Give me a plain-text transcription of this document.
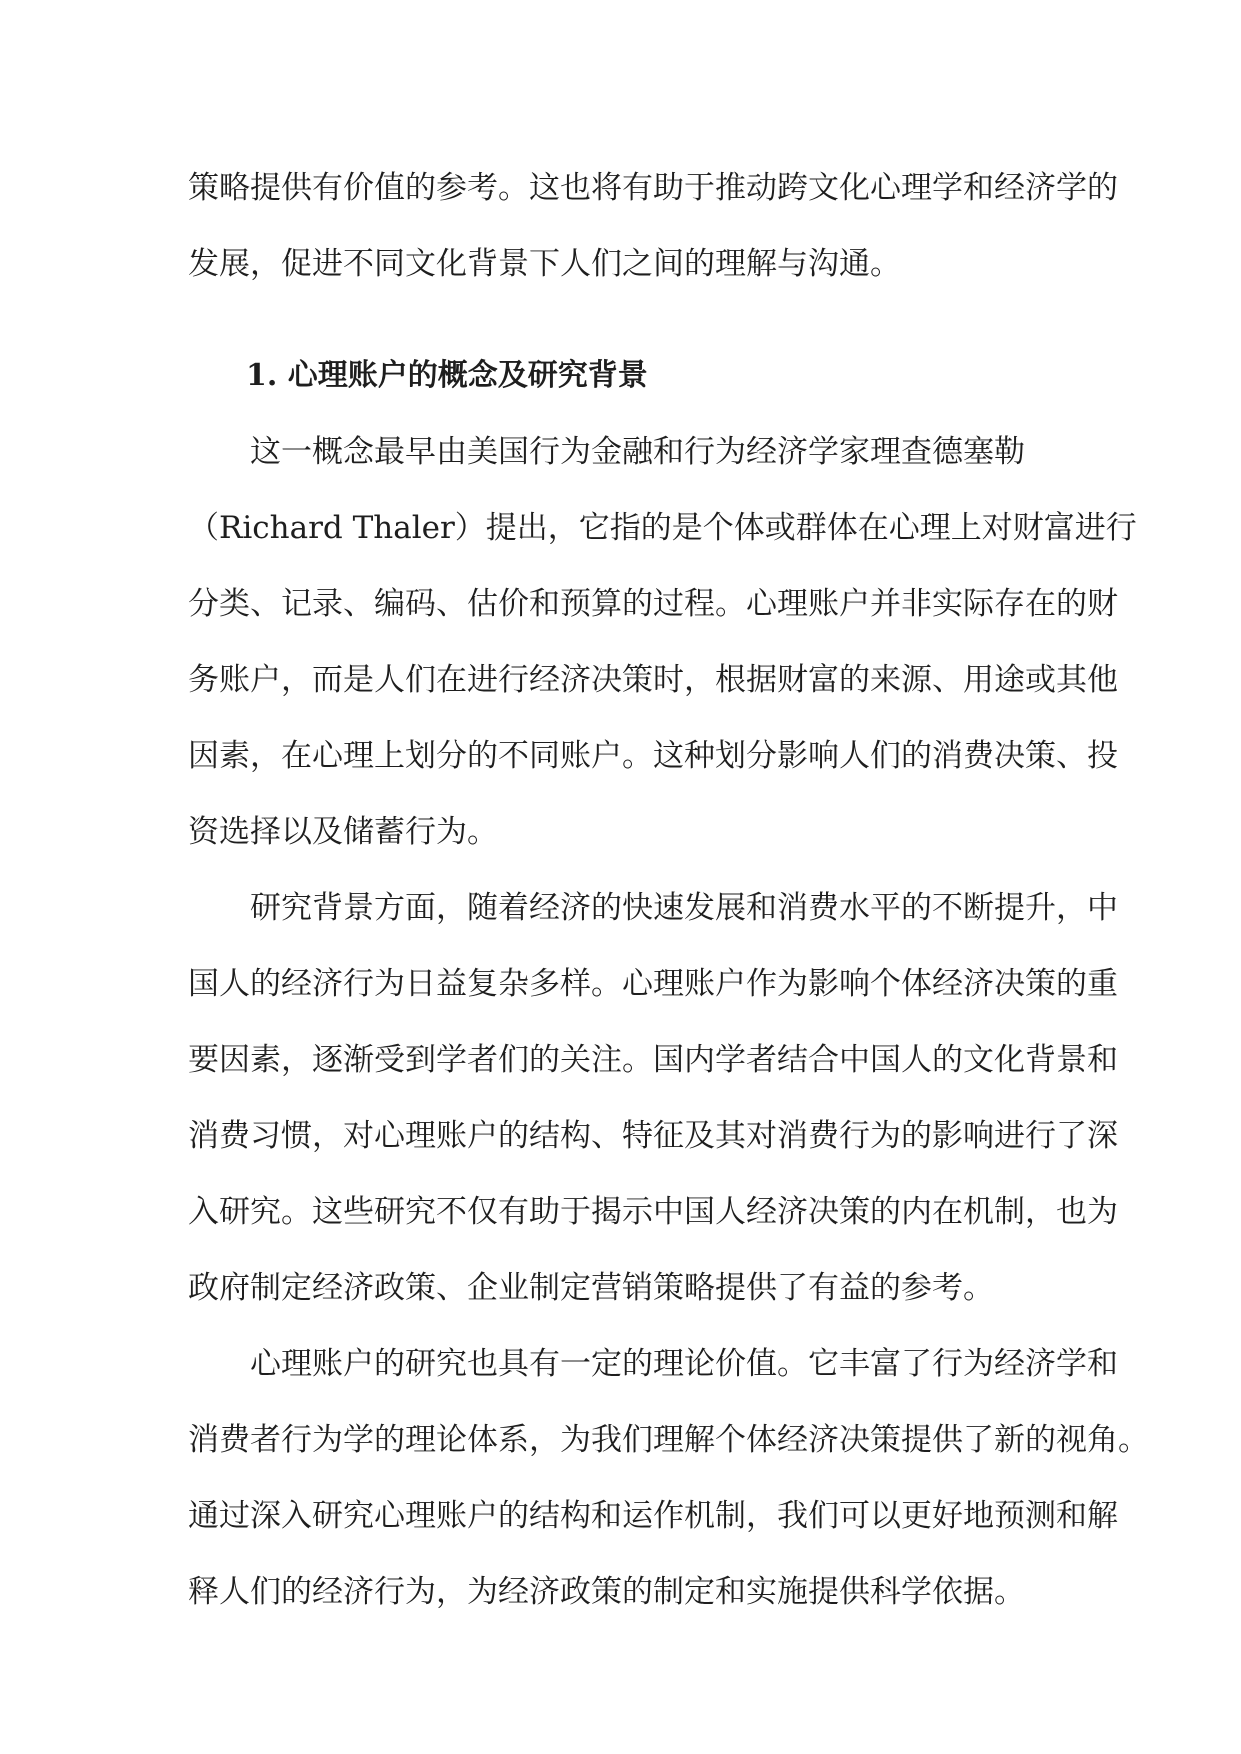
策略提供有价值的参考。这也将有助于推动跨文化心理学和经济学的
发展，促进不同文化背景下人们之间的理解与沟通。
1. 心理账户的概念及研究背景
这一概念最早由美国行为金融和行为经济学家理查德塞勒
（Richard Thaler）提出，它指的是个体或群体在心理上对财富进行
分类、记录、编码、估价和预算的过程。心理账户并非实际存在的财
务账户，而是人们在进行经济决策时，根据财富的来源、用途或其他
因素，在心理上划分的不同账户。这种划分影响人们的消费决策、投
资选择以及储蓄行为。
研究背景方面，随着经济的快速发展和消费水平的不断提升，中
国人的经济行为日益复杂多样。心理账户作为影响个体经济决策的重
要因素，逐渐受到学者们的关注。国内学者结合中国人的文化背景和
消费习惯，对心理账户的结构、特征及其对消费行为的影响进行了深
入研究。这些研究不仅有助于揭示中国人经济决策的内在机制，也为
政府制定经济政策、企业制定营销策略提供了有益的参考。
心理账户的研究也具有一定的理论价值。它丰富了行为经济学和
消费者行为学的理论体系，为我们理解个体经济决策提供了新的视角。
通过深入研究心理账户的结构和运作机制，我们可以更好地预测和解
释人们的经济行为，为经济政策的制定和实施提供科学依据。
